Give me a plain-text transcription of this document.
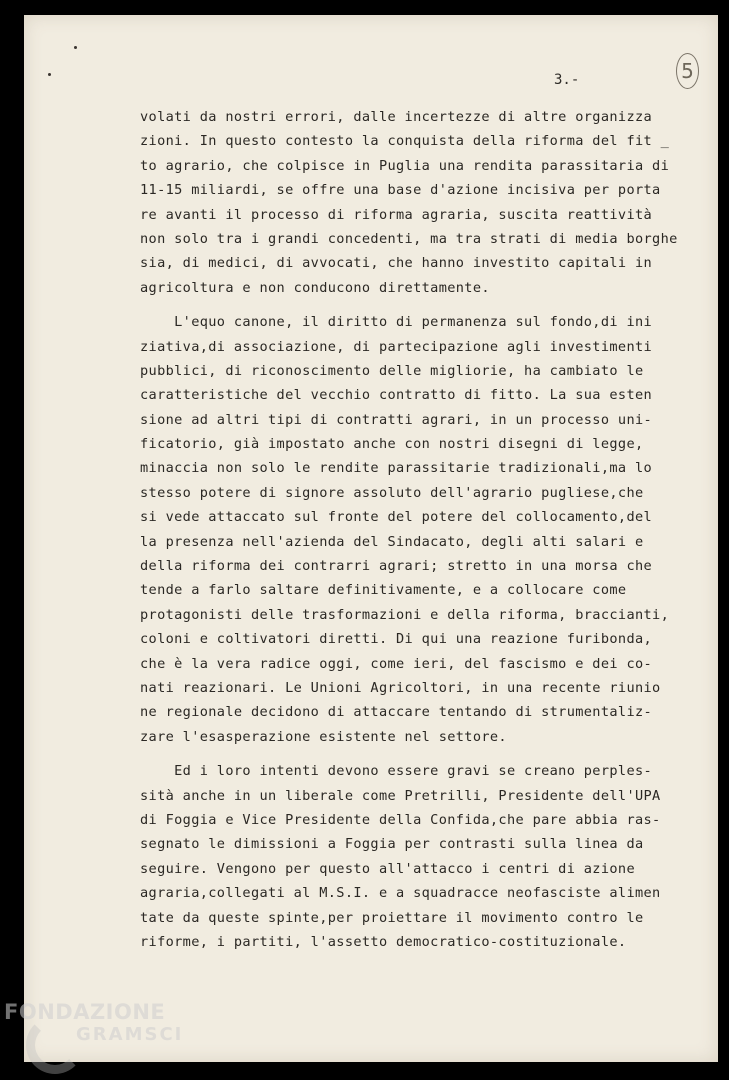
3.-	5
volati da nostri errori, dalle incertezze di altre organizza
zioni. In questo contesto la conquista della riforma del fit _
to agrario, che colpisce in Puglia una rendita parassitaria di
11-15 miliardi, se offre una base d'azione incisiva per porta
re avanti il processo di riforma agraria, suscita reattività
non solo tra i grandi concedenti, ma tra strati di media borghe
sia, di medici, di avvocati, che hanno investito capitali in
agricoltura e non conducono direttamente.
L'equo canone, il diritto di permanenza sul fondo,di ini
ziativa,di associazione, di partecipazione agli investimenti
pubblici, di riconoscimento delle migliorie, ha cambiato le
caratteristiche del vecchio contratto di fitto. La sua esten
sione ad altri tipi di contratti agrari, in un processo uni-
ficatorio, già impostato anche con nostri disegni di legge,
minaccia non solo le rendite parassitarie tradizionali,ma lo
stesso potere di signore assoluto dell'agrario pugliese,che
si vede attaccato sul fronte del potere del collocamento,del
la presenza nell'azienda del Sindacato, degli alti salari e
della riforma dei contrarri agrari; stretto in una morsa che
tende a farlo saltare definitivamente, e a collocare come
protagonisti delle trasformazioni e della riforma, braccianti,
coloni e coltivatori diretti. Di qui una reazione furibonda,
che è la vera radice oggi, come ieri, del fascismo e dei co-
nati reazionari. Le Unioni Agricoltori, in una recente riunio
ne regionale decidono di attaccare tentando di strumentaliz-
zare l'esasperazione esistente nel settore.
Ed i loro intenti devono essere gravi se creano perples-
sità anche in un liberale come Pretrilli, Presidente dell'UPA
di Foggia e Vice Presidente della Confida,che pare abbia ras-
segnato le dimissioni a Foggia per contrasti sulla linea da
seguire. Vengono per questo all'attacco i centri di azione
agraria,collegati al M.S.I. e a squadracce neofasciste alimen
tate da queste spinte,per proiettare il movimento contro le
riforme, i partiti, l'assetto democratico-costituzionale.
FONDAZIONE
GRAMSCI
